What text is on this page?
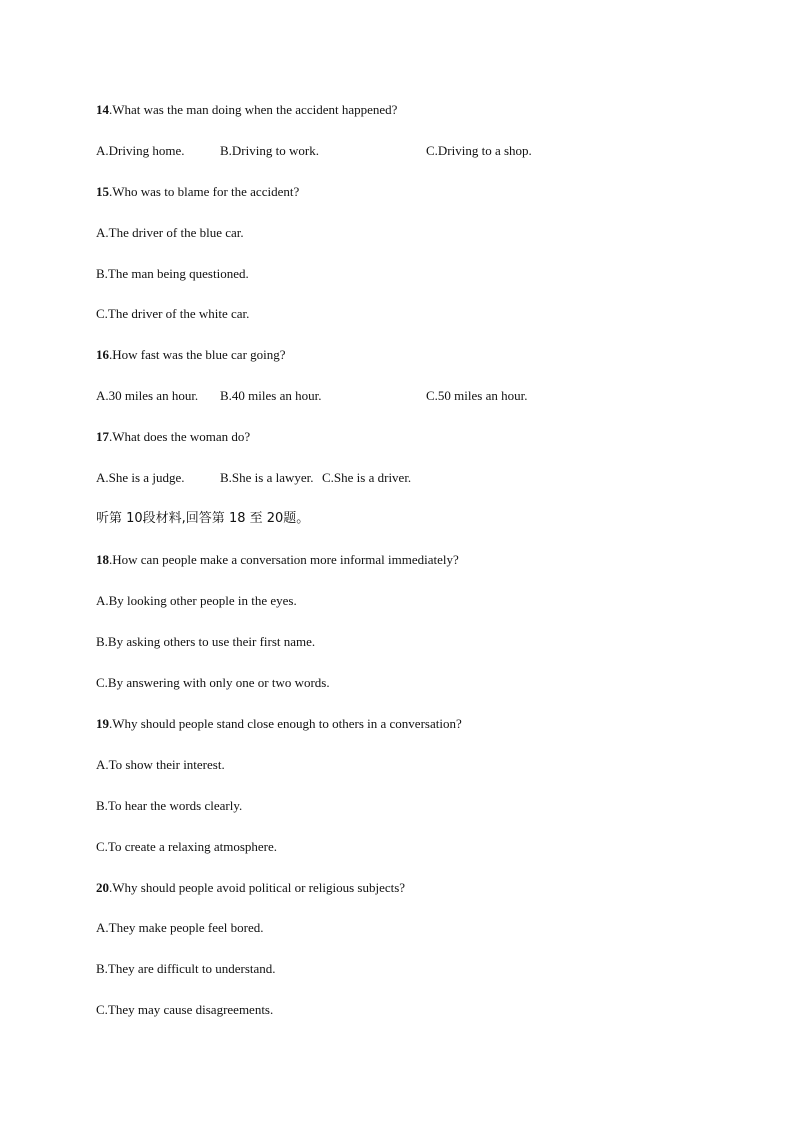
14.What was the man doing when the accident happened?
A.Driving home.	B.Driving to work.	C.Driving to a shop.
15.Who was to blame for the accident?
A.The driver of the blue car.
B.The man being questioned.
C.The driver of the white car.
16.How fast was the blue car going?
A.30 miles an hour. B.40 miles an hour.	C.50 miles an hour.
17.What does the woman do?
A.She is a judge.	B.She is a lawyer. C.She is a driver.
听第 10段材料,回答第 18 至 20题。
18.How can people make a conversation more informal immediately?
A.By looking other people in the eyes.
B.By asking others to use their first name.
C.By answering with only one or two words.
19.Why should people stand close enough to others in a conversation?
A.To show their interest.
B.To hear the words clearly.
C.To create a relaxing atmosphere.
20.Why should people avoid political or religious subjects?
A.They make people feel bored.
B.They are difficult to understand.
C.They may cause disagreements.
